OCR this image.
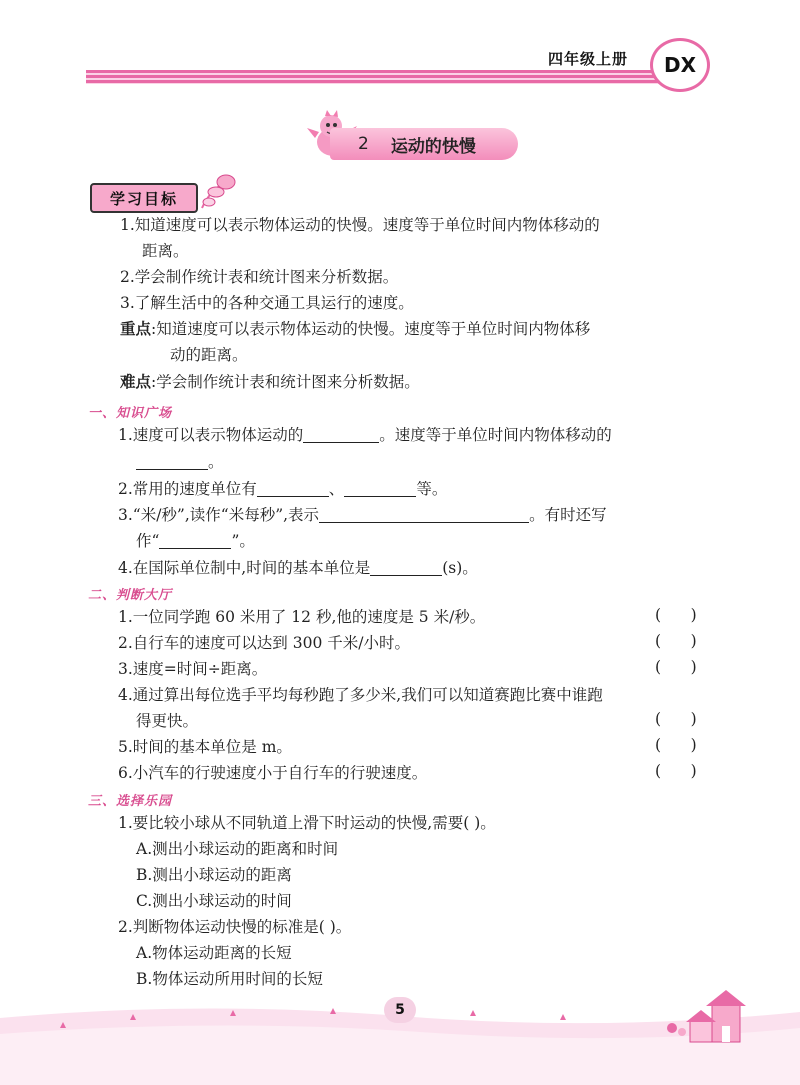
四年级上册	DX
2 运动的快慢
学习目标
1.知道速度可以表示物体运动的快慢。速度等于单位时间内物体移动的
距离。
2.学会制作统计表和统计图来分析数据。
3.了解生活中的各种交通工具运行的速度。
重点:知道速度可以表示物体运动的快慢。速度等于单位时间内物体移
动的距离。
难点:学会制作统计表和统计图来分析数据。
一、知识广场
1.速度可以表示物体运动的	。速度等于单位时间内物体移动的
。
2.常用的速度单位有	、	等。
3.“米/秒”,读作“米每秒”,表示	。有时还写
作“	”。
4.在国际单位制中,时间的基本单位是	(s)。
二、判断大厅
1.一位同学跑 60 米用了 12 秒,他的速度是 5 米/秒。	(      )
2.自行车的速度可以达到 300 千米/小时。	(      )
3.速度=时间÷距离。	(      )
4.通过算出每位选手平均每秒跑了多少米,我们可以知道赛跑比赛中谁跑
得更快。	(      )
5.时间的基本单位是 m。	(      )
6.小汽车的行驶速度小于自行车的行驶速度。	(      )
三、选择乐园
1.要比较小球从不同轨道上滑下时运动的快慢,需要( )。
A.测出小球运动的距离和时间
B.测出小球运动的距离
C.测出小球运动的时间
2.判断物体运动快慢的标准是( )。
A.物体运动距离的长短
B.物体运动所用时间的长短
5
